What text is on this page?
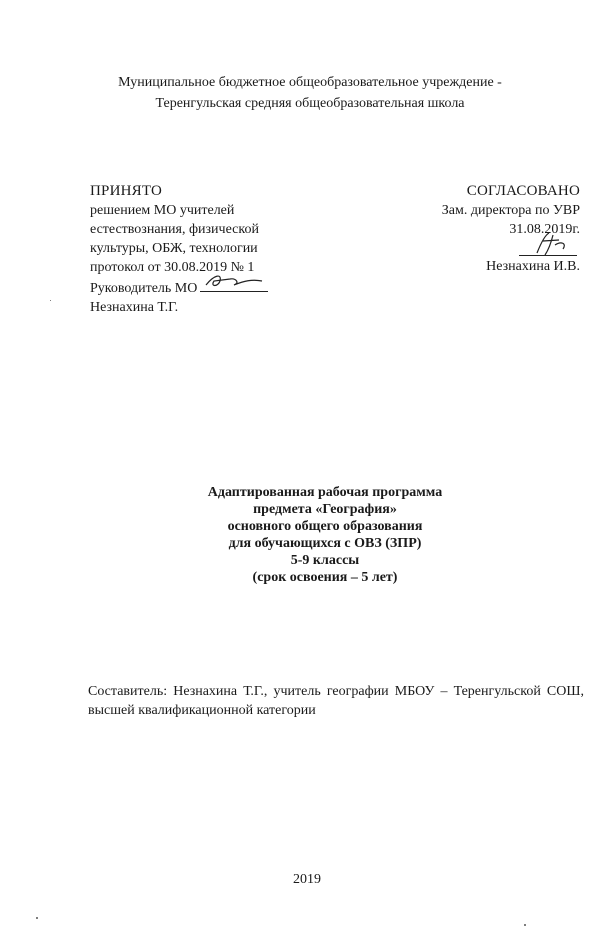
Муниципальное бюджетное общеобразовательное учреждение -
Теренгульская средняя общеобразовательная школа
ПРИНЯТО
решением МО учителей
естествознания, физической
культуры, ОБЖ, технологии
протокол от 30.08.2019 № 1
Руководитель МО
Незнахина Т.Г.
СОГЛАСОВАНО
Зам. директора по УВР
31.08.2019г.
Незнахина И.В.
Адаптированная рабочая программа
предмета «География»
основного общего образования
для обучающихся с ОВЗ (ЗПР)
5-9 классы
(срок освоения – 5 лет)
Составитель: Незнахина Т.Г., учитель географии МБОУ – Теренгульской СОШ, высшей квалификационной категории
2019
